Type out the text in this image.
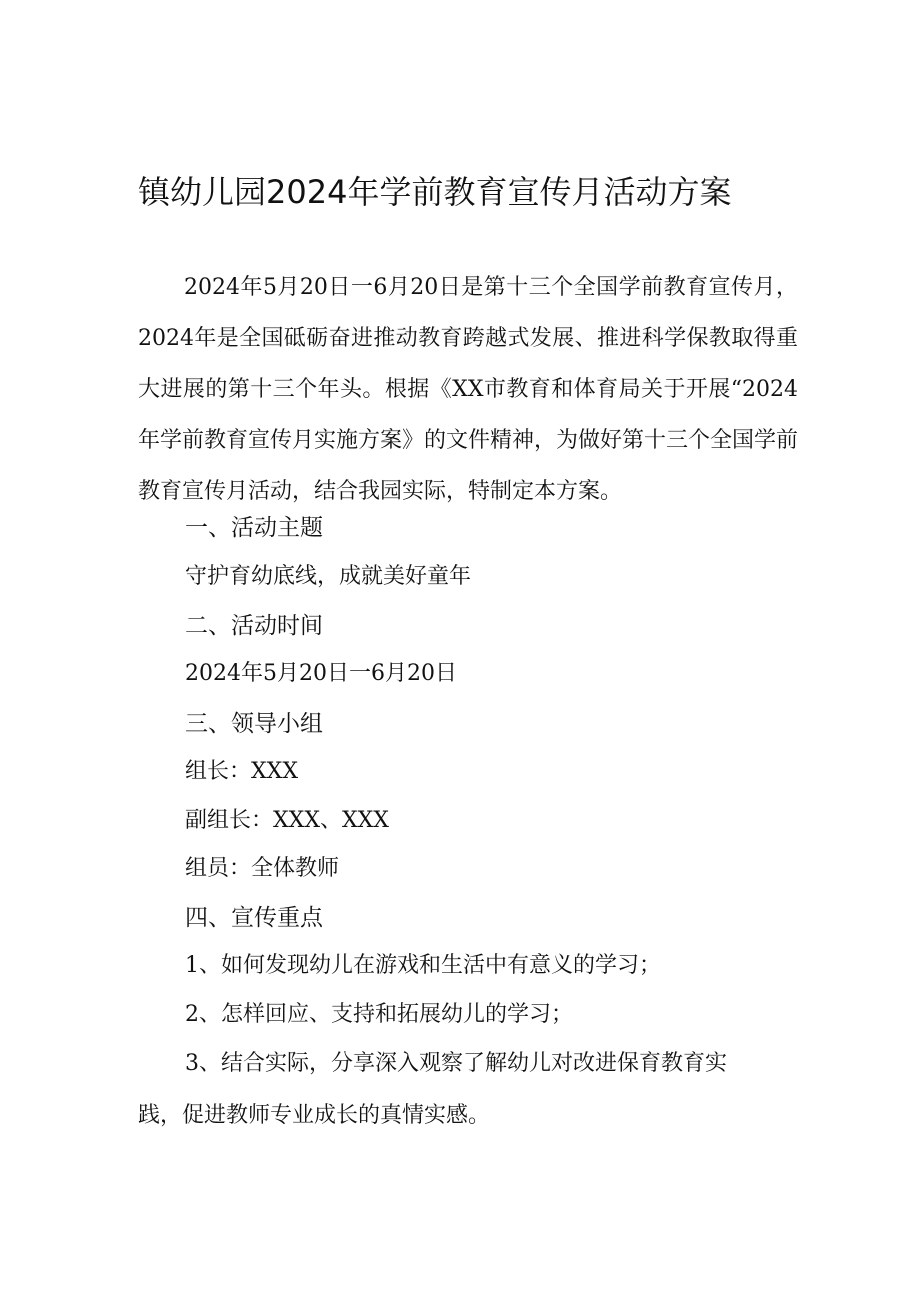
镇幼儿园2024年学前教育宣传月活动方案

2024年5月20日一6月20日是第十三个全国学前教育宣传月，2024年是全国砥砺奋进推动教育跨越式发展、推进科学保教取得重大进展的第十三个年头。根据《XX市教育和体育局关于开展“2024年学前教育宣传月实施方案》的文件精神，为做好第十三个全国学前教育宣传月活动，结合我园实际，特制定本方案。

一、活动主题

守护育幼底线，成就美好童年

二、活动时间

2024年5月20日一6月20日

三、领导小组

组长：XXX

副组长：XXX、XXX

组员：全体教师

四、宣传重点

1、如何发现幼儿在游戏和生活中有意义的学习；

2、怎样回应、支持和拓展幼儿的学习；

3、结合实际，分享深入观察了解幼儿对改进保育教育实

践，促进教师专业成长的真情实感。
